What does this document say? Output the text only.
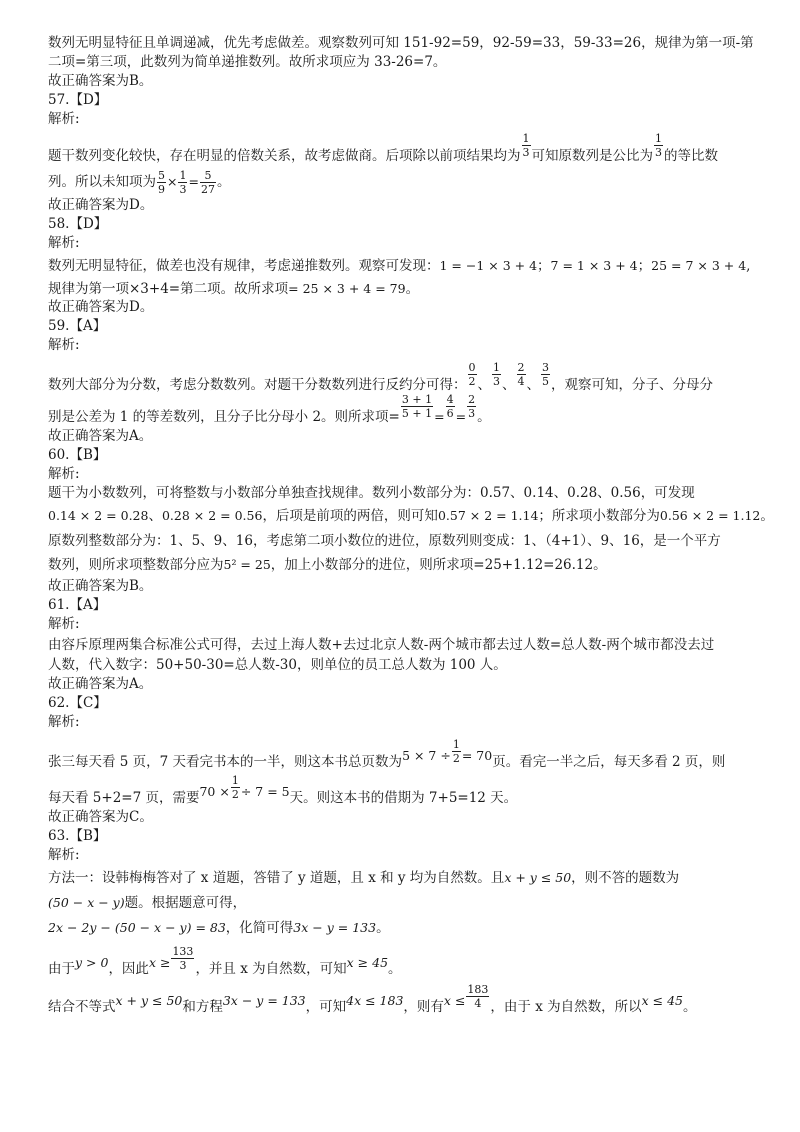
数列无明显特征且单调递减，优先考虑做差。观察数列可知 151-92=59，92-59=33，59-33=26，规律为第一项-第
二项=第三项，此数列为简单递推数列。故所求项应为 33-26=7。
故正确答案为B。
57.【D】
解析:
题干数列变化较快，存在明显的倍数关系，故考虑做商。后项除以前项结果均为 $\frac{1}{3}$ 可知原数列是公比为 $\frac{1}{3}$ 的等比数
列。所以未知项为 $\frac{5}{9} \times \frac{1}{3} = \frac{5}{27}$ 。
故正确答案为D。
58.【D】
解析:
数列无明显特征，做差也没有规律，考虑递推数列。观察可发现：1 = −1 × 3 + 4；7 = 1 × 3 + 4；25 = 7 × 3 + 4,
规律为第一项×3+4=第二项。故所求项= 25 × 3 + 4 = 79。
故正确答案为D。
59.【A】
解析:
数列大部分为分数，考虑分数数列。对题干分数数列进行反约分可得： $\frac{0}{2}$ 、 $\frac{1}{3}$ 、 $\frac{2}{4}$ 、 $\frac{3}{5}$ ，观察可知，分子、分母分
别是公差为 1 的等差数列，且分子比分母小 2。则所求项= $\frac{3 + 1}{5 + 1} = \frac{4}{6} = \frac{2}{3}$ 。
故正确答案为A。
60.【B】
解析:
题干为小数数列，可将整数与小数部分单独查找规律。数列小数部分为：0.57、0.14、0.28、0.56，可发现
0.14 × 2 = 0.28、0.28 × 2 = 0.56，后项是前项的两倍，则可知0.57 × 2 = 1.14；所求项小数部分为0.56 × 2 = 1.12。
原数列整数部分为：1、5、9、16，考虑第二项小数位的进位，原数列则变成：1、（4+1）、9、16，是一个平方
数列，则所求项整数部分应为5² = 25，加上小数部分的进位，则所求项=25+1.12=26.12。
故正确答案为B。
61.【A】
解析:
由容斥原理两集合标准公式可得，去过上海人数+去过北京人数-两个城市都去过人数=总人数-两个城市都没去过
人数，代入数字：50+50-30=总人数-30，则单位的员工总人数为 100 人。
故正确答案为A。
62.【C】
解析:
张三每天看 5 页，7 天看完书本的一半，则这本书总页数为$5 \times 7 \div \frac{1}{2} = 70$页。看完一半之后，每天多看 2 页，则
每天看 5+2=7 页，需要$70 \times \frac{1}{2} \div 7 = 5$天。则这本书的借期为 7+5=12 天。
故正确答案为C。
63.【B】
解析:
方法一：设韩梅梅答对了 x 道题，答错了 y 道题，且 x 和 y 均为自然数。且x + y ≤ 50，则不答的题数为
(50 − x − y)题。根据题意可得，
2x − 2y − (50 − x − y) = 83，化简可得3x − y = 133。
由于y > 0，因此$x \ge \frac{133}{3}$ ，并且 x 为自然数，可知x ≥ 45。
结合不等式x + y ≤ 50和方程3x − y = 133，可知4x ≤ 183，则有$x \le \frac{183}{4}$ ，由于 x 为自然数，所以x ≤ 45。
